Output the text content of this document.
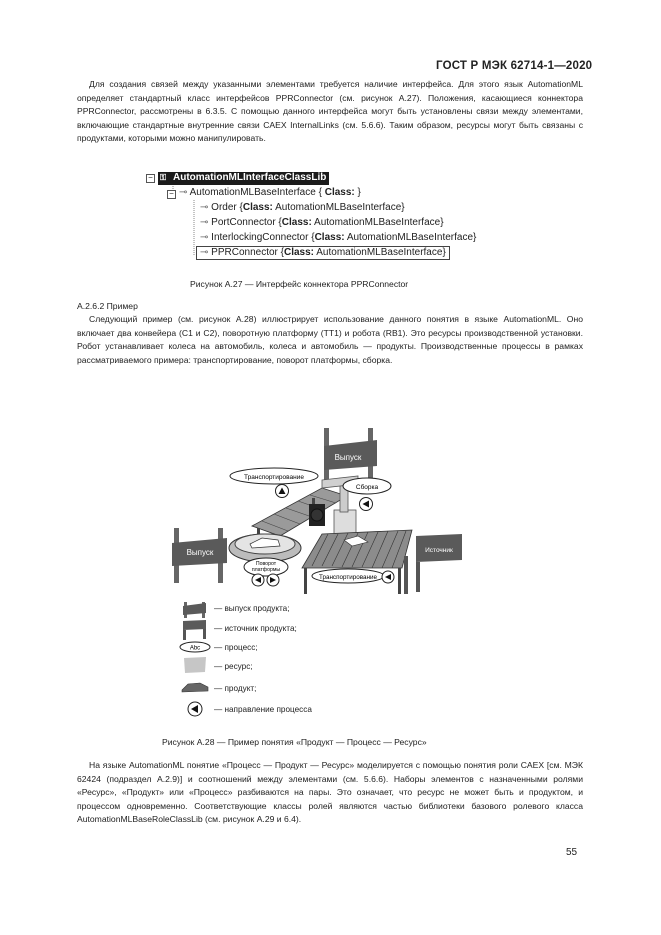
ГОСТ Р МЭК 62714-1—2020
Для создания связей между указанными элементами требуется наличие интерфейса. Для этого язык AutomationML определяет стандартный класс интерфейсов PPRConnector (см. рисунок А.27). Положения, касающиеся коннектора PPRConnector, рассмотрены в 6.3.5. С помощью данного интерфейса могут быть установлены связи между элементами, включающие стандартные внутренние связи CAEX InternalLinks (см. 5.6.6). Таким образом, ресурсы могут быть связаны с продуктами, которыми можно манипулировать.
− ⚿ AutomationMLInterfaceClassLib
− ⊸ AutomationMLBaseInterface { Class: }
⊸ Order {Class: AutomationMLBaseInterface}
⊸ PortConnector {Class: AutomationMLBaseInterface}
⊸ InterlockingConnector {Class: AutomationMLBaseInterface}
⊸ PPRConnector {Class: AutomationMLBaseInterface}
Рисунок А.27 — Интерфейс коннектора PPRConnector
А.2.6.2 Пример
Следующий пример (см. рисунок А.28) иллюстрирует использование данного понятия в языке AutomationML. Оно включает два конвейера (С1 и С2), поворотную платформу (ТТ1) и робота (RB1). Это ресурсы производственной установки. Робот устанавливает колеса на автомобиль, колеса и автомобиль — продукты. Производственные процессы в рамках рассматриваемого примера: транспортирование, поворот платформы, сборка.
Выпуск
Транспортирование
Сборка
Выпуск
Поворот
платформы
Транспортирование
Источник
Abc
— выпуск продукта;
— источник продукта;
— процесс;
— ресурс;
— продукт;
— направление процесса
Рисунок А.28 — Пример понятия «Продукт — Процесс — Ресурс»
На языке AutomationML понятие «Процесс — Продукт — Ресурс» моделируется с помощью понятия роли CAEX [см. МЭК 62424 (подраздел А.2.9)] и соотношений между элементами (см. 5.6.6). Наборы элементов с назначенными ролями «Ресурс», «Продукт» или «Процесс» разбиваются на пары. Это означает, что ресурс не может быть и продуктом, и процессом одновременно. Соответствующие классы ролей являются частью библиотеки базового ролевого класса AutomationMLBaseRoleClassLib (см. рисунок А.29 и 6.4).
55
